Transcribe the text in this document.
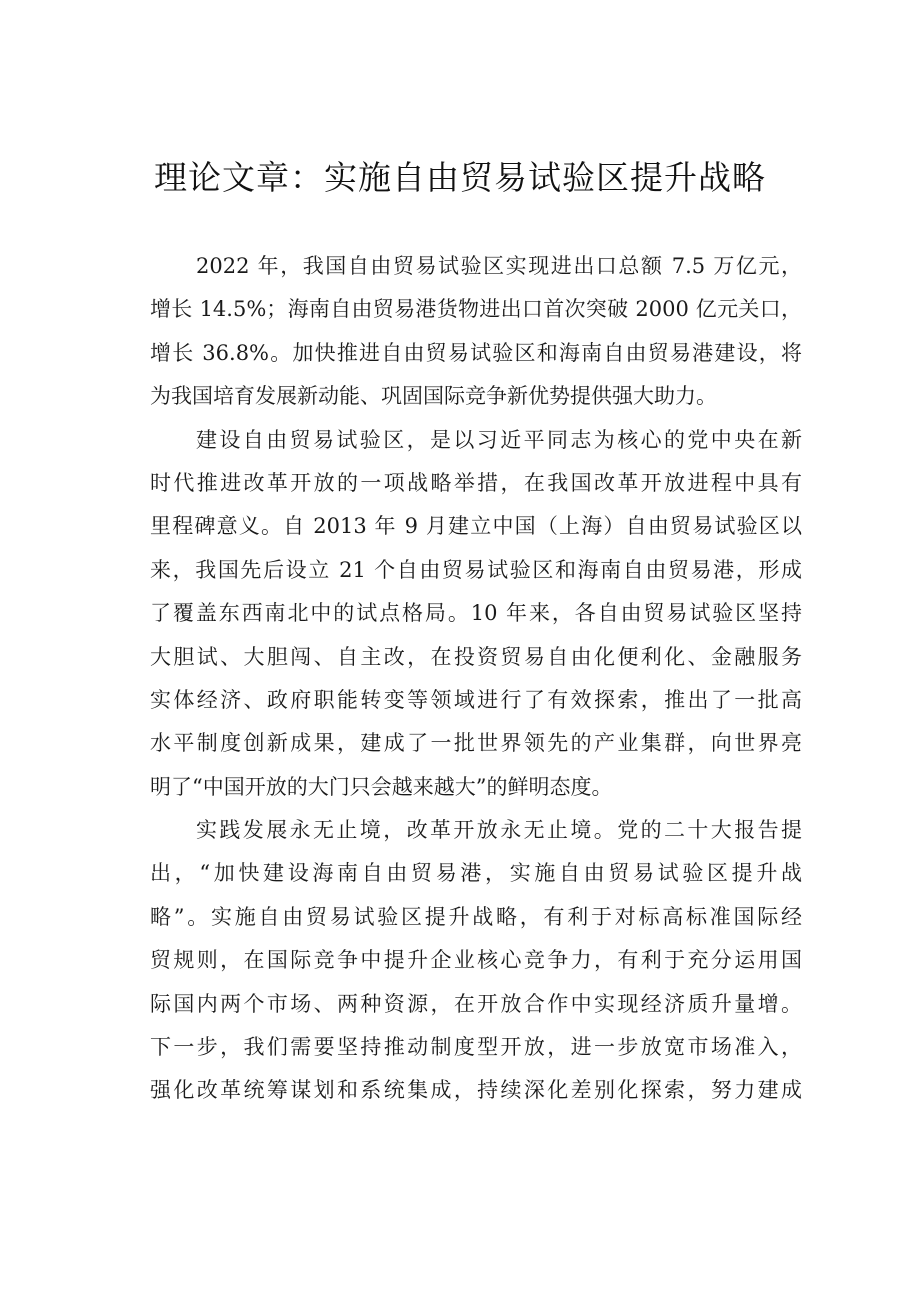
理论文章：实施自由贸易试验区提升战略
2022 年，我国自由贸易试验区实现进出口总额 7.5 万亿元，
增长 14.5%；海南自由贸易港货物进出口首次突破 2000 亿元关口，
增长 36.8%。加快推进自由贸易试验区和海南自由贸易港建设，将
为我国培育发展新动能、巩固国际竞争新优势提供强大助力。
建设自由贸易试验区，是以习近平同志为核心的党中央在新
时代推进改革开放的一项战略举措，在我国改革开放进程中具有
里程碑意义。自 2013 年 9 月建立中国（上海）自由贸易试验区以
来，我国先后设立 21 个自由贸易试验区和海南自由贸易港，形成
了覆盖东西南北中的试点格局。10 年来，各自由贸易试验区坚持
大胆试、大胆闯、自主改，在投资贸易自由化便利化、金融服务
实体经济、政府职能转变等领域进行了有效探索，推出了一批高
水平制度创新成果，建成了一批世界领先的产业集群，向世界亮
明了“中国开放的大门只会越来越大”的鲜明态度。
实践发展永无止境，改革开放永无止境。党的二十大报告提
出，“加快建设海南自由贸易港，实施自由贸易试验区提升战
略”。实施自由贸易试验区提升战略，有利于对标高标准国际经
贸规则，在国际竞争中提升企业核心竞争力，有利于充分运用国
际国内两个市场、两种资源，在开放合作中实现经济质升量增。
下一步，我们需要坚持推动制度型开放，进一步放宽市场准入，
强化改革统筹谋划和系统集成，持续深化差别化探索，努力建成
